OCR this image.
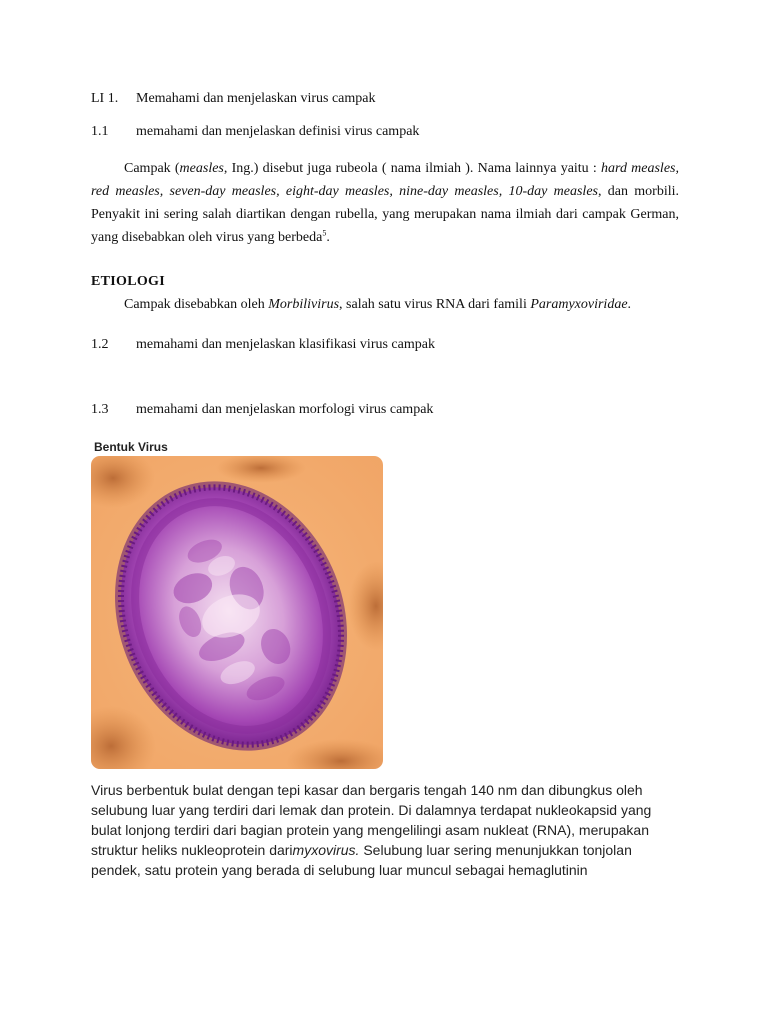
LI 1. Memahami dan menjelaskan virus campak
1.1 memahami dan menjelaskan definisi virus campak
Campak (measles, Ing.) disebut juga rubeola ( nama ilmiah ). Nama lainnya yaitu : hard measles, red measles, seven-day measles, eight-day measles, nine-day measles, 10-day measles, dan morbili. Penyakit ini sering salah diartikan dengan rubella, yang merupakan nama ilmiah dari campak German, yang disebabkan oleh virus yang berbeda$^5$.
ETIOLOGI
Campak disebabkan oleh Morbilivirus, salah satu virus RNA dari famili Paramyxoviridae.
1.2 memahami dan menjelaskan klasifikasi virus campak
1.3 memahami dan menjelaskan morfologi virus campak
Bentuk Virus
Virus berbentuk bulat dengan tepi kasar dan bergaris tengah 140 nm dan dibungkus oleh selubung luar yang terdiri dari lemak dan protein. Di dalamnya terdapat nukleokapsid yang bulat lonjong terdiri dari bagian protein yang mengelilingi asam nukleat (RNA), merupakan struktur heliks nukleoprotein darimyxovirus. Selubung luar sering menunjukkan tonjolan pendek, satu protein yang berada di selubung luar muncul sebagai hemaglutinin
